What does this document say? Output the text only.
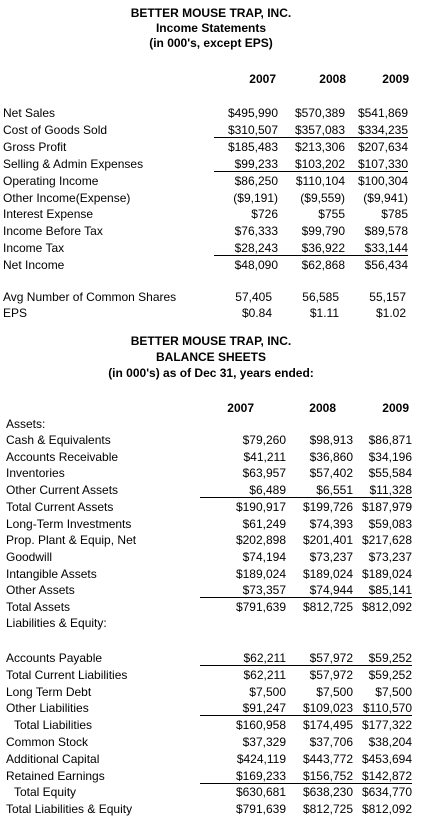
BETTER MOUSE TRAP, INC.
Income Statements
(in 000's, except EPS)
2007	2008	2009
Net Sales	$495,990 $570,389 $541,869
Cost of Goods Sold	$310,507 $357,083 $334,235
Gross Profit	$185,483 $213,306 $207,634
Selling & Admin Expenses	$99,233 $103,202 $107,330
Operating Income	$86,250 $110,104 $100,304
Other Income(Expense)	($9,191) ($9,559) ($9,941)
Interest Expense	$726	$755	$785
Income Before Tax	$76,333 $99,790 $89,578
Income Tax	$28,243 $36,922 $33,144
Net Income	$48,090 $62,868 $56,434
Avg Number of Common Shares	57,405	56,585	55,157
EPS	$0.84	$1.11	$1.02
BETTER MOUSE TRAP, INC.
BALANCE SHEETS
(in 000's) as of Dec 31, years ended:
2007	2008	2009
Assets:
Cash & Equivalents	$79,260 $98,913 $86,871
Accounts Receivable	$41,211 $36,860 $34,196
Inventories	$63,957 $57,402 $55,584
Other Current Assets	$6,489	$6,551 $11,328
Total Current Assets	$190,917 $199,726 $187,979
Long-Term Investments	$61,249 $74,393 $59,083
Prop. Plant & Equip, Net	$202,898 $201,401 $217,628
Goodwill	$74,194 $73,237 $73,237
Intangible Assets	$189,024 $189,024 $189,024
Other Assets	$73,357 $74,944 $85,141
Total Assets	$791,639 $812,725 $812,092
Liabilities & Equity:
Accounts Payable	$62,211 $57,972 $59,252
Total Current Liabilities	$62,211 $57,972 $59,252
Long Term Debt	$7,500	$7,500 $7,500
Other Liabilities	$91,247 $109,023 $110,570
Total Liabilities	$160,958 $174,495 $177,322
Common Stock	$37,329 $37,706 $38,204
Additional Capital	$424,119 $443,772 $453,694
Retained Earnings	$169,233 $156,752 $142,872
Total Equity	$630,681 $638,230 $634,770
Total Liabilities & Equity	$791,639 $812,725 $812,092
